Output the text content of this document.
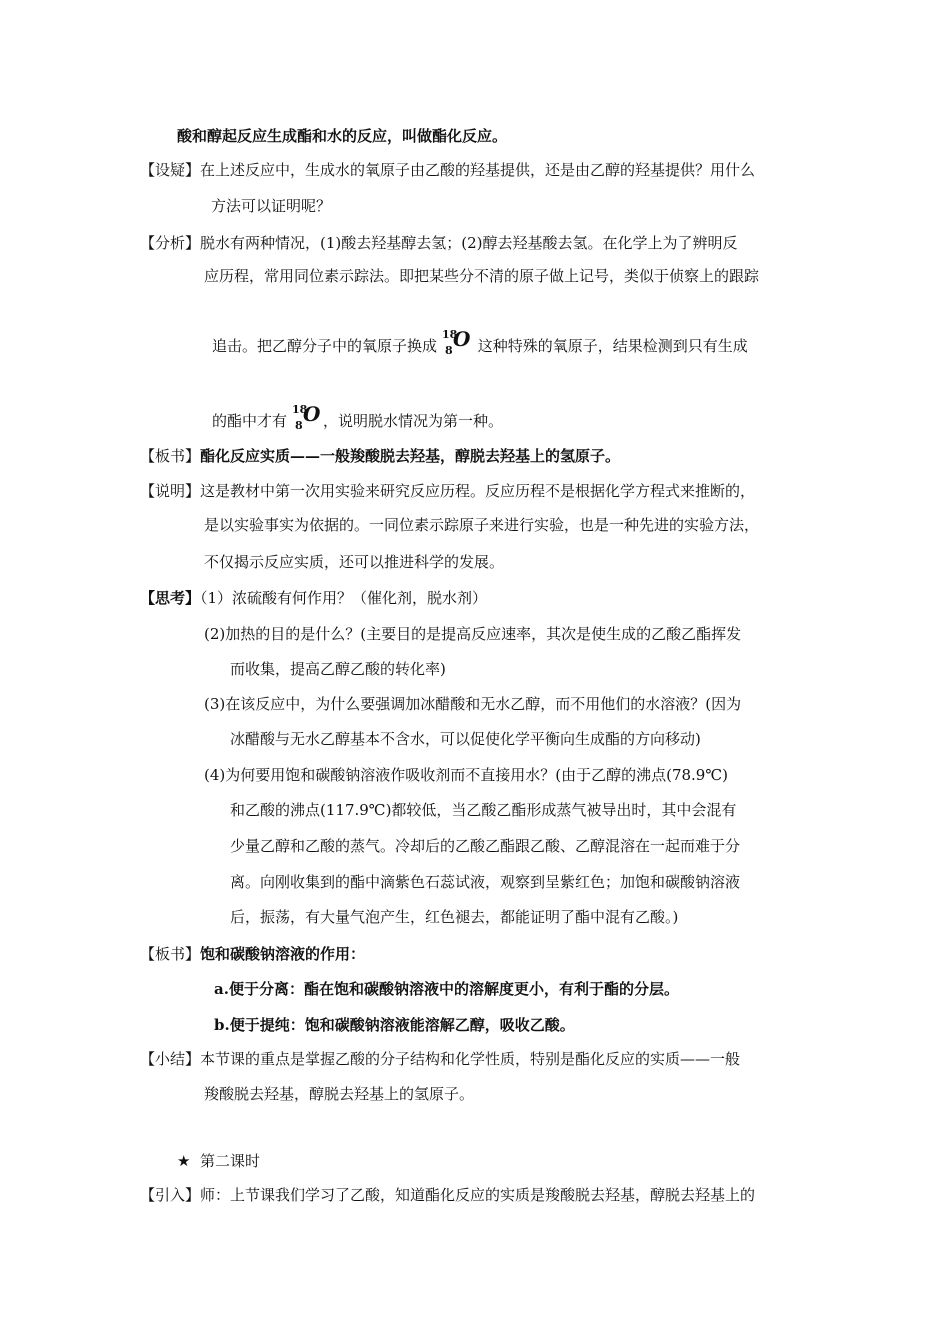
酸和醇起反应生成酯和水的反应，叫做酯化反应。
【设疑】在上述反应中，生成水的氧原子由乙酸的羟基提供，还是由乙醇的羟基提供？用什么
方法可以证明呢？
【分析】脱水有两种情况，(1)酸去羟基醇去氢；(2)醇去羟基酸去氢。在化学上为了辨明反
应历程，常用同位素示踪法。即把某些分不清的原子做上记号，类似于侦察上的跟踪
追击。把乙醇分子中的氧原子换成
18
8 O 这种特殊的氧原子，结果检测到只有生成
的酯中才有
18
8 O ，说明脱水情况为第一种。
【板书】酯化反应实质——一般羧酸脱去羟基，醇脱去羟基上的氢原子。
【说明】这是教材中第一次用实验来研究反应历程。反应历程不是根据化学方程式来推断的，
是以实验事实为依据的。一同位素示踪原子来进行实验，也是一种先进的实验方法，
不仅揭示反应实质，还可以推进科学的发展。
【思考】（1）浓硫酸有何作用？（催化剂，脱水剂）
(2)加热的目的是什么？(主要目的是提高反应速率，其次是使生成的乙酸乙酯挥发
而收集，提高乙醇乙酸的转化率)
(3)在该反应中，为什么要强调加冰醋酸和无水乙醇，而不用他们的水溶液？(因为
冰醋酸与无水乙醇基本不含水，可以促使化学平衡向生成酯的方向移动)
(4)为何要用饱和碳酸钠溶液作吸收剂而不直接用水？(由于乙醇的沸点(78.9℃)
和乙酸的沸点(117.9℃)都较低，当乙酸乙酯形成蒸气被导出时，其中会混有
少量乙醇和乙酸的蒸气。冷却后的乙酸乙酯跟乙酸、乙醇混溶在一起而难于分
离。向刚收集到的酯中滴紫色石蕊试液，观察到呈紫红色；加饱和碳酸钠溶液
后，振荡，有大量气泡产生，红色褪去，都能证明了酯中混有乙酸。)
【板书】饱和碳酸钠溶液的作用：
a.便于分离：酯在饱和碳酸钠溶液中的溶解度更小，有利于酯的分层。
b.便于提纯：饱和碳酸钠溶液能溶解乙醇，吸收乙酸。
【小结】本节课的重点是掌握乙酸的分子结构和化学性质，特别是酯化反应的实质——一般
羧酸脱去羟基，醇脱去羟基上的氢原子。
★ 第二课时
【引入】师：上节课我们学习了乙酸，知道酯化反应的实质是羧酸脱去羟基，醇脱去羟基上的
